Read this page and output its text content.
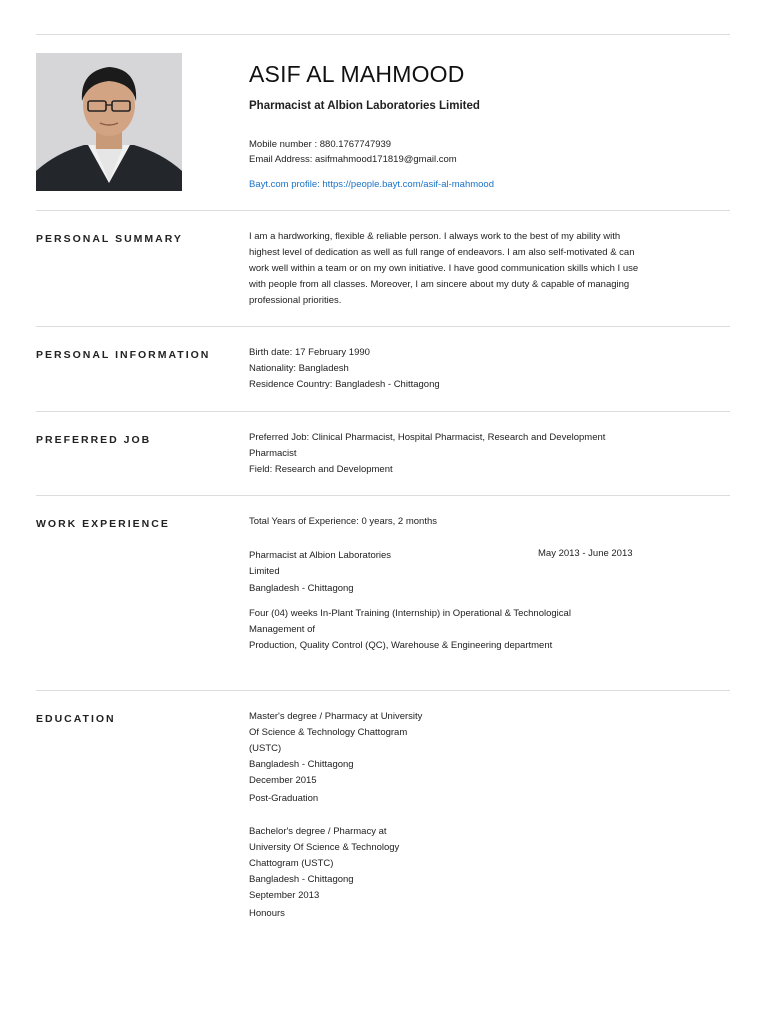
ASIF AL MAHMOOD
Pharmacist at Albion Laboratories Limited
Mobile number : 880.1767747939
Email Address: asifmahmood171819@gmail.com
Bayt.com profile: https://people.bayt.com/asif-al-mahmood
PERSONAL SUMMARY	I am a hardworking, flexible & reliable person. I always work to the best of my ability with highest level of dedication as well as full range of endeavors. I am also self-motivated & can work well within a team or on my own initiative. I have good communication skills which I use with people from all classes. Moreover, I am sincere about my duty & capable of managing professional priorities.
PERSONAL INFORMATION	Birth date: 17 February 1990
Nationality: Bangladesh
Residence Country: Bangladesh - Chittagong
PREFERRED JOB	Preferred Job: Clinical Pharmacist, Hospital Pharmacist, Research and Development
Pharmacist
Field: Research and Development
WORK EXPERIENCE	Total Years of Experience: 0 years, 2 months
Pharmacist at Albion Laboratories
Limited
Bangladesh - Chittagong
May 2013 - June 2013
Four (04) weeks In-Plant Training (Internship) in Operational & Technological
Management of
Production, Quality Control (QC), Warehouse & Engineering department
EDUCATION	Master's degree / Pharmacy at University
Of Science & Technology Chattogram
(USTC)
Bangladesh - Chittagong
December 2015
Post-Graduation
Bachelor's degree / Pharmacy at
University Of Science & Technology
Chattogram (USTC)
Bangladesh - Chittagong
September 2013
Honours
